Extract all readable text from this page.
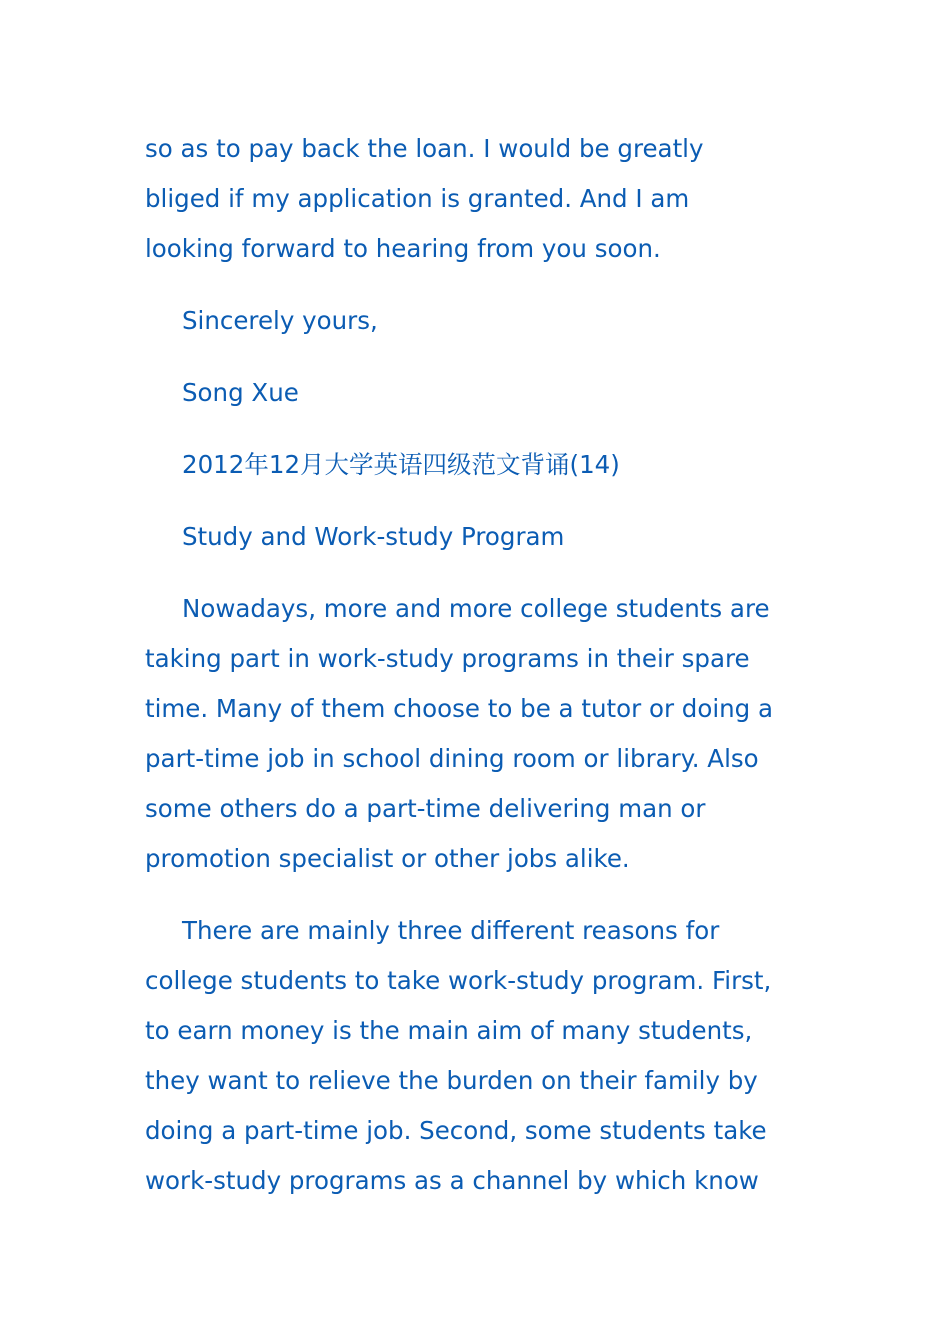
so as to pay back the loan. I would be greatly
bliged if my application is granted. And I am
looking forward to hearing from you soon.
Sincerely yours,
Song Xue
2012年12月大学英语四级范文背诵(14)
Study and Work-study Program
Nowadays, more and more college students are
taking part in work-study programs in their spare
time. Many of them choose to be a tutor or doing a
part-time job in school dining room or library. Also
some others do a part-time delivering man or
promotion specialist or other jobs alike.
There are mainly three different reasons for
college students to take work-study program. First,
to earn money is the main aim of many students,
they want to relieve the burden on their family by
doing a part-time job. Second, some students take
work-study programs as a channel by which know
